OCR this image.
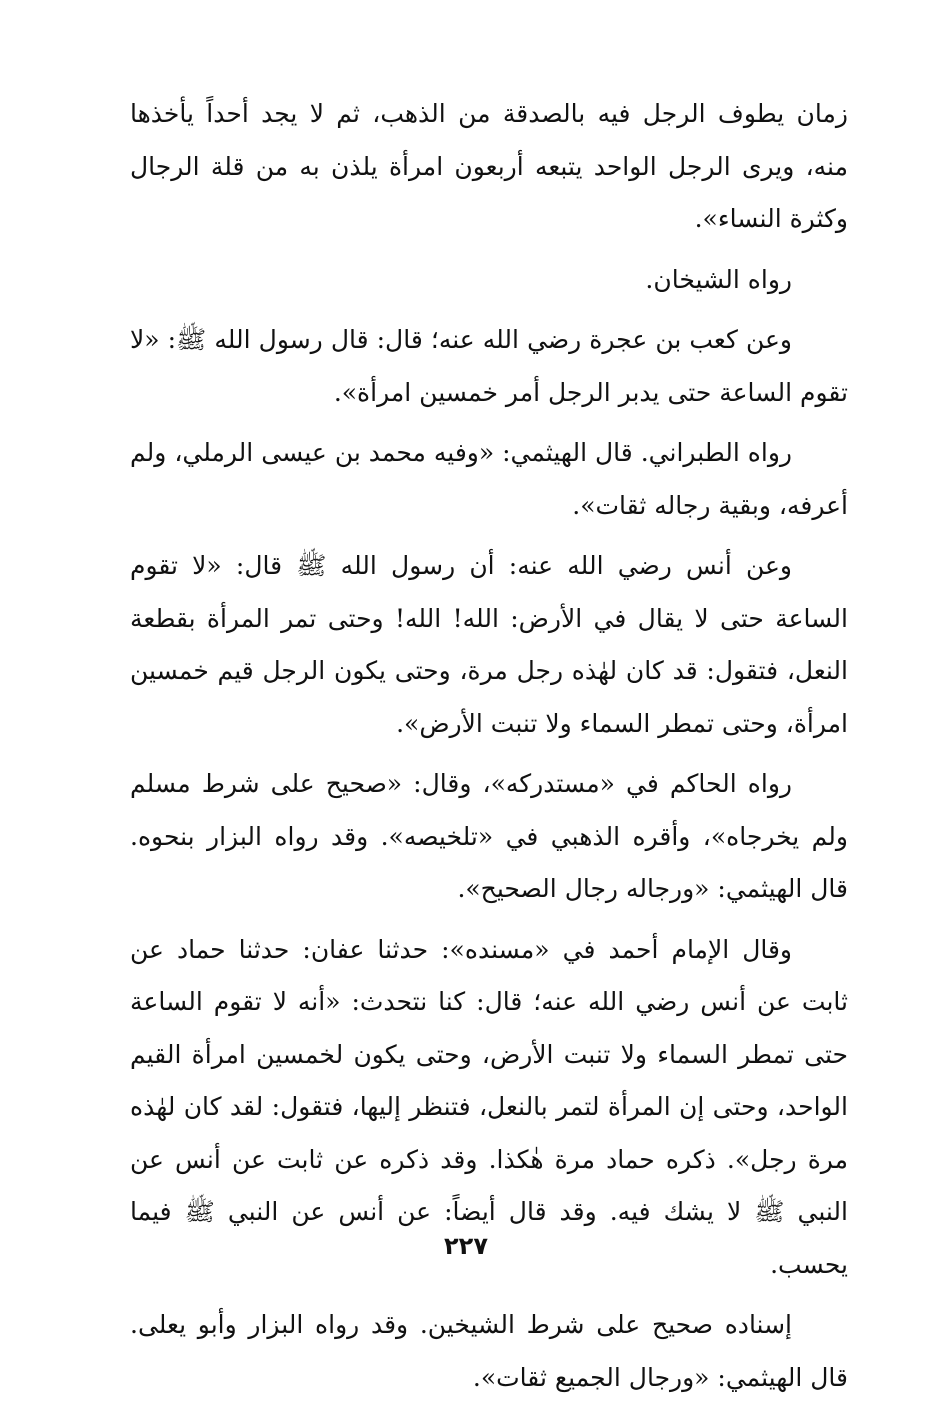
زمان يطوف الرجل فيه بالصدقة من الذهب، ثم لا يجد أحداً يأخذها منه، ويرى الرجل الواحد يتبعه أربعون امرأة يلذن به من قلة الرجال وكثرة النساء».

رواه الشيخان.

وعن كعب بن عجرة رضي الله عنه؛ قال: قال رسول الله ﷺ: «لا تقوم الساعة حتى يدبر الرجل أمر خمسين امرأة».

رواه الطبراني. قال الهيثمي: «وفيه محمد بن عيسى الرملي، ولم أعرفه، وبقية رجاله ثقات».

وعن أنس رضي الله عنه: أن رسول الله ﷺ قال: «لا تقوم الساعة حتى لا يقال في الأرض: الله! الله! وحتى تمر المرأة بقطعة النعل، فتقول: قد كان لهٰذه رجل مرة، وحتى يكون الرجل قيم خمسين امرأة، وحتى تمطر السماء ولا تنبت الأرض».

رواه الحاكم في «مستدركه»، وقال: «صحيح على شرط مسلم ولم يخرجاه»، وأقره الذهبي في «تلخيصه». وقد رواه البزار بنحوه. قال الهيثمي: «ورجاله رجال الصحيح».

وقال الإمام أحمد في «مسنده»: حدثنا عفان: حدثنا حماد عن ثابت عن أنس رضي الله عنه؛ قال: كنا نتحدث: «أنه لا تقوم الساعة حتى تمطر السماء ولا تنبت الأرض، وحتى يكون لخمسين امرأة القيم الواحد، وحتى إن المرأة لتمر بالنعل، فتنظر إليها، فتقول: لقد كان لهٰذه مرة رجل». ذكره حماد مرة هٰكذا. وقد ذكره عن ثابت عن أنس عن النبي ﷺ لا يشك فيه. وقد قال أيضاً: عن أنس عن النبي ﷺ فيما يحسب.

إسناده صحيح على شرط الشيخين. وقد رواه البزار وأبو يعلى. قال الهيثمي: «ورجال الجميع ثقات».

٢٢٧
